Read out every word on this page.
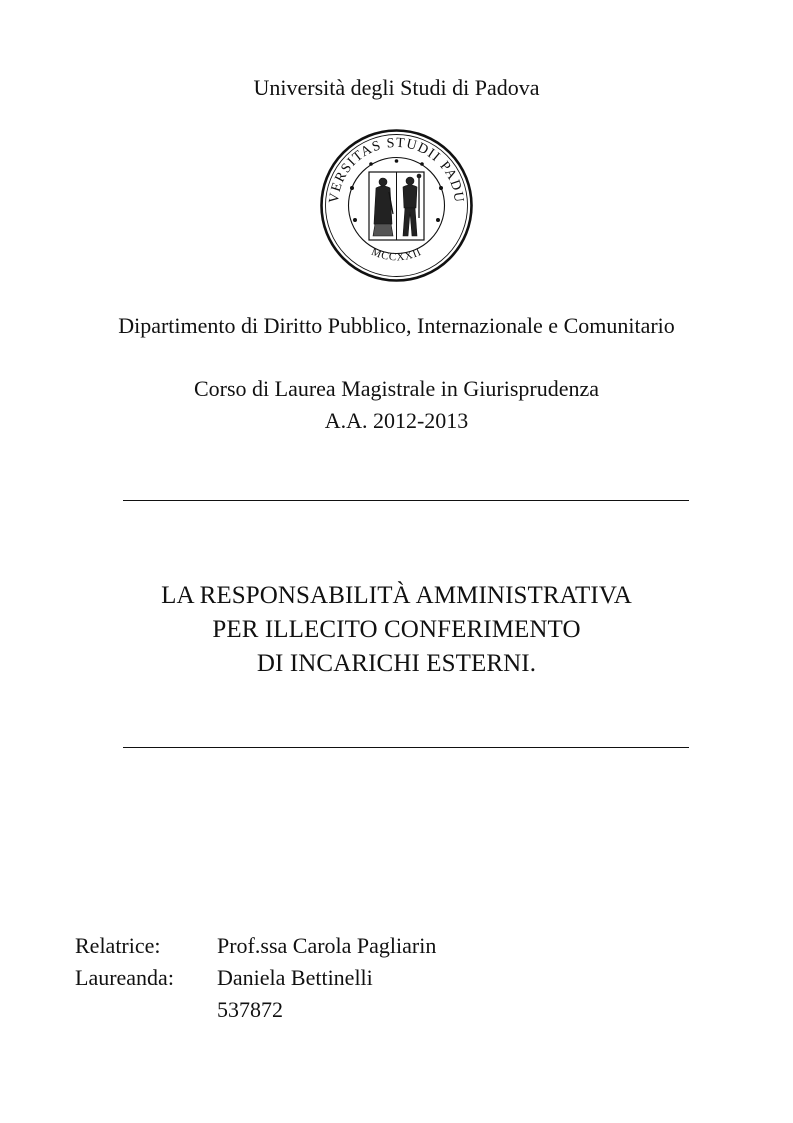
Università degli Studi di Padova
VERSITAS STUDII PADU
MCCXXII
Dipartimento di Diritto Pubblico, Internazionale e Comunitario
Corso di Laurea Magistrale in Giurisprudenza
A.A. 2012-2013
LA RESPONSABILITÀ AMMINISTRATIVA
PER ILLECITO CONFERIMENTO
DI INCARICHI ESTERNI.
Relatrice:	Prof.ssa Carola Pagliarin
Laureanda: Daniela Bettinelli
537872
